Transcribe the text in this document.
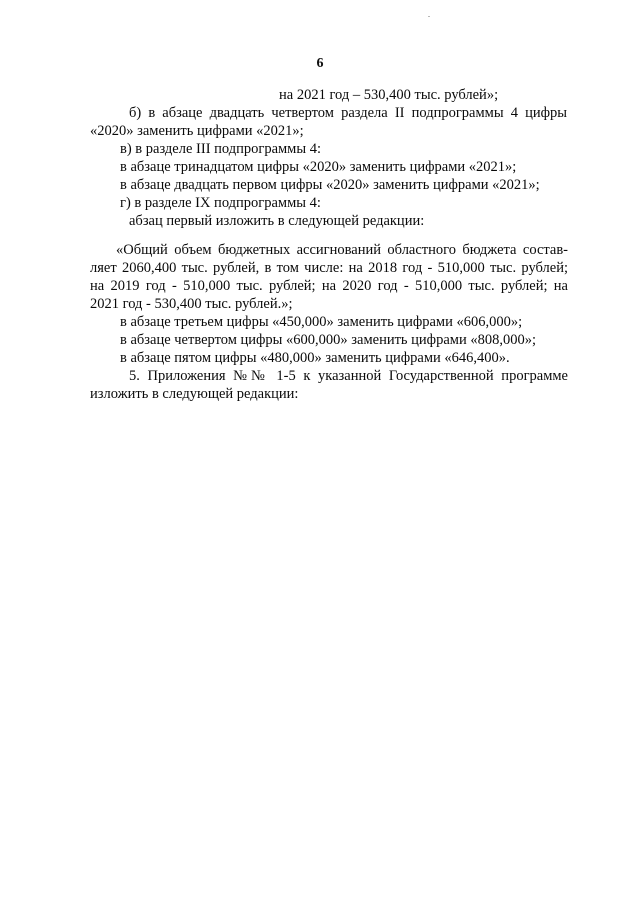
6
на 2021 год – 530,400 тыс. рублей»;
б) в абзаце двадцать четвертом раздела II подпрограммы 4 цифры
«2020» заменить цифрами «2021»;
в) в разделе III подпрограммы 4:
в абзаце тринадцатом цифры «2020» заменить цифрами «2021»;
в абзаце двадцать первом цифры «2020» заменить цифрами «2021»;
г) в разделе IX подпрограммы 4:
абзац первый изложить в следующей редакции:
«Общий объем бюджетных ассигнований областного бюджета состав-
ляет 2060,400 тыс. рублей, в том числе: на 2018 год - 510,000 тыс. рублей;
на 2019 год - 510,000 тыс. рублей; на 2020 год - 510,000 тыс. рублей; на
2021 год - 530,400 тыс. рублей.»;
в абзаце третьем цифры «450,000» заменить цифрами «606,000»;
в абзаце четвертом цифры «600,000» заменить цифрами «808,000»;
в абзаце пятом цифры «480,000» заменить цифрами «646,400».
5. Приложения №№ 1-5 к указанной Государственной программе
изложить в следующей редакции:
